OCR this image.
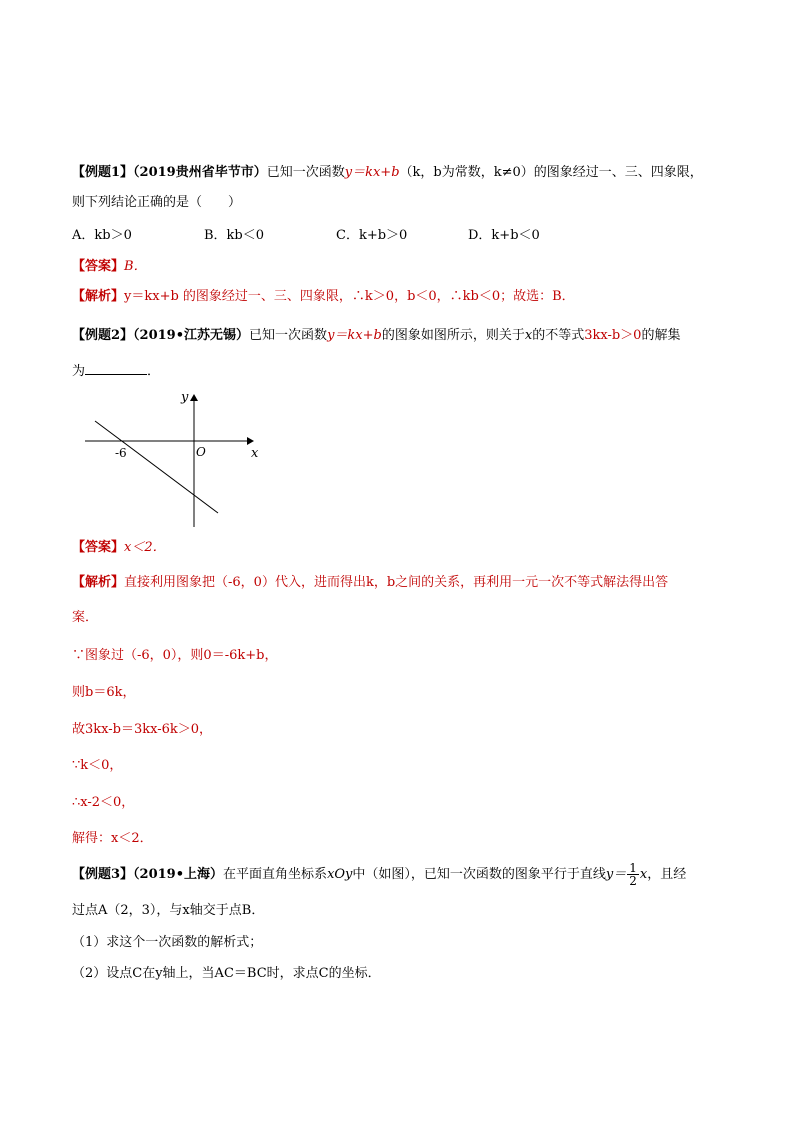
【例题1】（2019贵州省毕节市）已知一次函数y＝kx+b（k，b为常数，k≠0）的图象经过一、三、四象限，
则下列结论正确的是（　　）
A．kb＞0	B．kb＜0	C．k+b＞0	D．k+b＜0
【答案】B．
【解析】y＝kx+b 的图象经过一、三、四象限，∴k＞0，b＜0，∴kb＜0；故选：B．
【例题2】（2019•江苏无锡）已知一次函数y＝kx+b的图象如图所示，则关于x的不等式3kx-b＞0的解集
为	．
y
x
O
-6
【答案】x＜2．
【解析】直接利用图象把（-6，0）代入，进而得出k，b之间的关系，再利用一元一次不等式解法得出答
案．
∵图象过（-6，0），则0＝-6k+b，
则b＝6k，
故3kx-b＝3kx-6k＞0，
∵k＜0，
∴x-2＜0，
解得：x＜2．
【例题3】（2019•上海）在平面直角坐标系xOy中（如图），已知一次函数的图象平行于直线$y= \frac{1}{2}$ x，且经
过点A（2，3），与x轴交于点B．
（1）求这个一次函数的解析式；
（2）设点C在y轴上，当AC＝BC时，求点C的坐标．
